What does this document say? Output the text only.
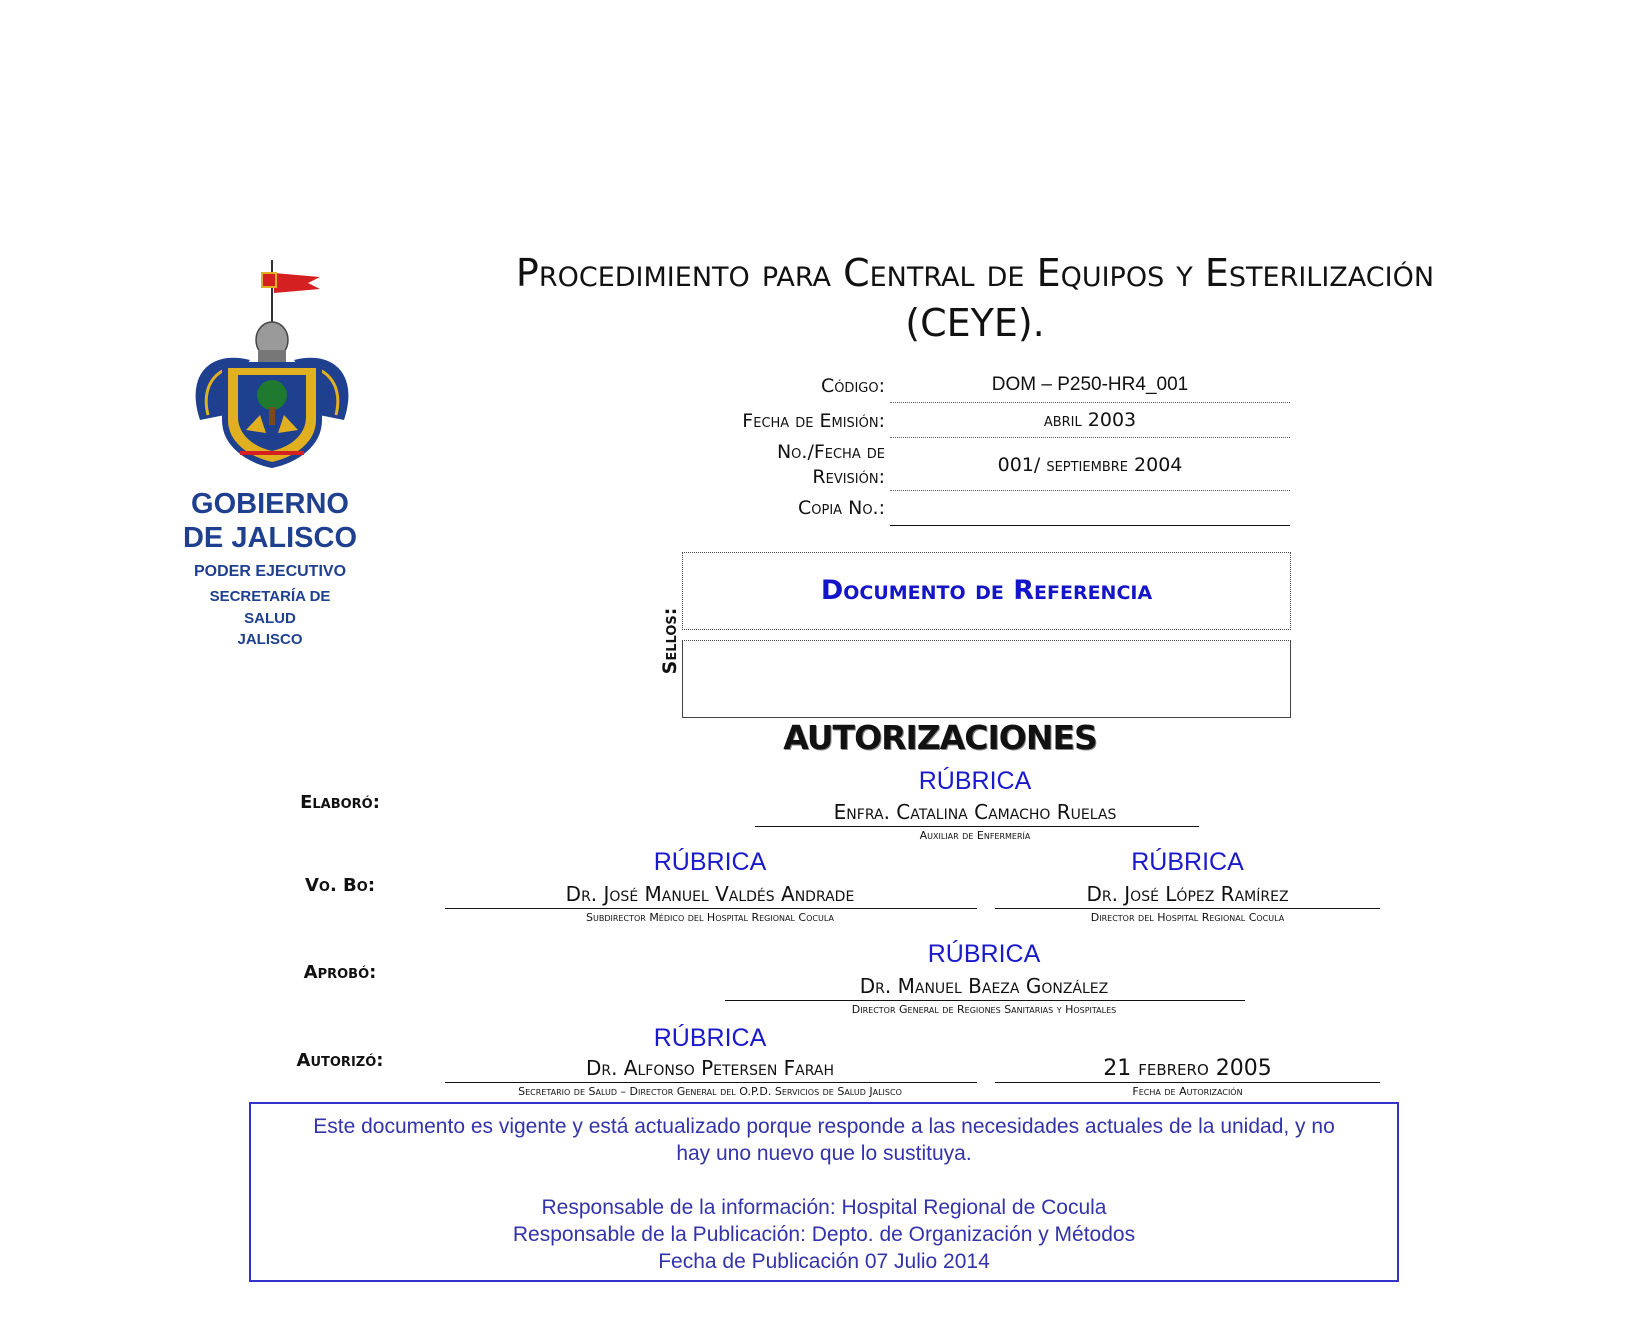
GOBIERNO
DE JALISCO
PODER EJECUTIVO
SECRETARÍA DE
SALUD
JALISCO
Procedimiento para Central de Equipos y Esterilización
(CEYE).
Código:	DOM – P250-HR4_001
Fecha de Emisión:	abril 2003
No./Fecha de
Revisión:
001/ septiembre 2004
Copia No.:
Sellos:
Documento de Referencia
AUTORIZACIONES
Elaboró:
RÚBRICA
Enfra. Catalina Camacho Ruelas
Auxiliar de Enfermería
Vo. Bo:
RÚBRICA
Dr. José Manuel Valdés Andrade
Subdirector Médico del Hospital Regional Cocula
RÚBRICA
Dr. José López Ramírez
Director del Hospital Regional Cocula
Aprobó:
RÚBRICA
Dr. Manuel Baeza González
Director General de Regiones Sanitarias y Hospitales
Autorizó:
RÚBRICA
Dr. Alfonso Petersen Farah
Secretario de Salud – Director General del O.P.D. Servicios de Salud Jalisco
21 febrero 2005
Fecha de Autorización

Este documento es vigente y está actualizado porque responde a las necesidades actuales de la unidad, y no

hay uno nuevo que lo sustituya.

Responsable de la información: Hospital Regional de Cocula

Responsable de la Publicación: Depto. de Organización y Métodos

Fecha de Publicación 07 Julio 2014
